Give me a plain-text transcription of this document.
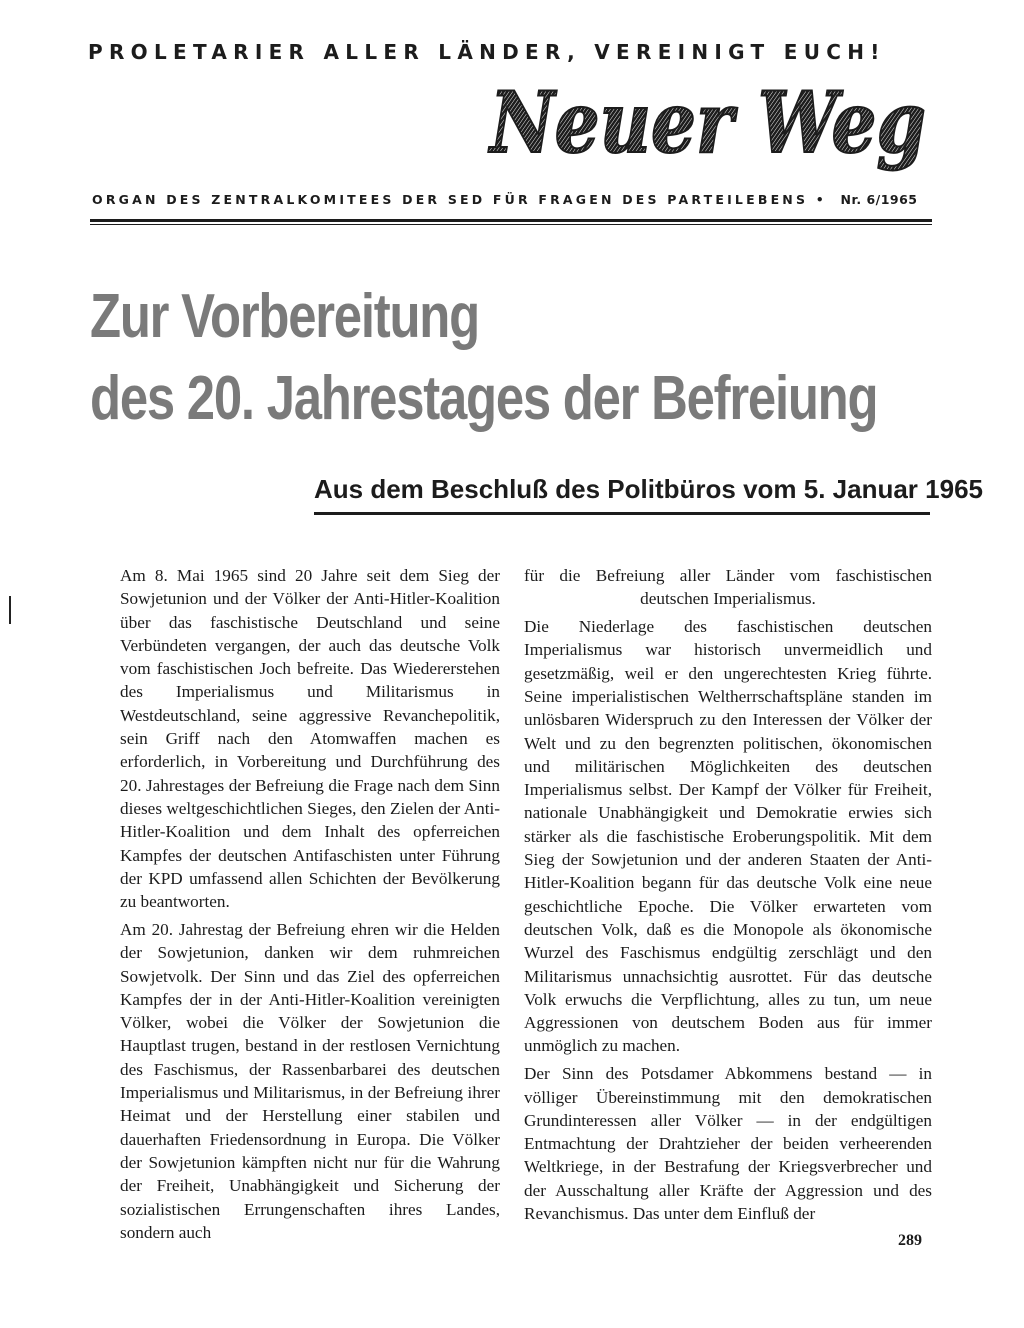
PROLETARIER ALLER LÄNDER, VEREINIGT EUCH!

Neuer Weg
ORGAN DES ZENTRALKOMITEES DER SED FÜR FRAGEN DES PARTEILEBENS • Nr. 6/1965
Zur Vorbereitung
des 20. Jahrestages der Befreiung
Aus dem Beschluß des Politbüros vom 5. Januar 1965

Am 8. Mai 1965 sind 20 Jahre seit dem Sieg der Sowjetunion und der Völker der Anti-Hitler-Koalition über das faschistische Deutschland und seine Verbündeten vergangen, der auch das deutsche Volk vom faschistischen Joch befreite. Das Wiedererstehen des Imperialismus und Militarismus in Westdeutschland, seine aggressive Revanchepolitik, sein Griff nach den Atomwaffen machen es erforderlich, in Vorbereitung und Durchführung des 20. Jahrestages der Befreiung die Frage nach dem Sinn dieses weltgeschichtlichen Sieges, den Zielen der Anti-Hitler-Koalition und dem Inhalt des opferreichen Kampfes der deutschen Antifaschisten unter Führung der KPD umfassend allen Schichten der Bevölkerung zu beantworten.

Am 20. Jahrestag der Befreiung ehren wir die Helden der Sowjetunion, danken wir dem ruhmreichen Sowjetvolk. Der Sinn und das Ziel des opferreichen Kampfes der in der Anti-Hitler-Koalition vereinigten Völker, wobei die Völker der Sowjetunion die Hauptlast trugen, bestand in der restlosen Vernichtung des Faschismus, der Rassenbarbarei des deutschen Imperialismus und Militarismus, in der Befreiung ihrer Heimat und der Herstellung einer stabilen und dauerhaften Friedensordnung in Europa. Die Völker der Sowjetunion kämpften nicht nur für die Wahrung der Freiheit, Unabhängigkeit und Sicherung der sozialistischen Errungenschaften ihres Landes, sondern auch

für die Befreiung aller Länder vom faschistischen deutschen Imperialismus.

Die Niederlage des faschistischen deutschen Imperialismus war historisch unvermeidlich und gesetzmäßig, weil er den ungerechtesten Krieg führte. Seine imperialistischen Weltherrschaftspläne standen im unlösbaren Widerspruch zu den Interessen der Völker der Welt und zu den begrenzten politischen, ökonomischen und militärischen Möglichkeiten des deutschen Imperialismus selbst. Der Kampf der Völker für Freiheit, nationale Unabhängigkeit und Demokratie erwies sich stärker als die faschistische Eroberungspolitik. Mit dem Sieg der Sowjetunion und der anderen Staaten der Anti-Hitler-Koalition begann für das deutsche Volk eine neue geschichtliche Epoche. Die Völker erwarteten vom deutschen Volk, daß es die Monopole als ökonomische Wurzel des Faschismus endgültig zerschlägt und den Militarismus unnachsichtig ausrottet. Für das deutsche Volk erwuchs die Verpflichtung, alles zu tun, um neue Aggressionen von deutschem Boden aus für immer unmöglich zu machen.

Der Sinn des Potsdamer Abkommens bestand — in völliger Übereinstimmung mit den demokratischen Grundinteressen aller Völker — in der endgültigen Entmachtung der Drahtzieher der beiden verheerenden Weltkriege, in der Bestrafung der Kriegsverbrecher und der Ausschaltung aller Kräfte der Aggression und des Revanchismus. Das unter dem Einfluß der

289
